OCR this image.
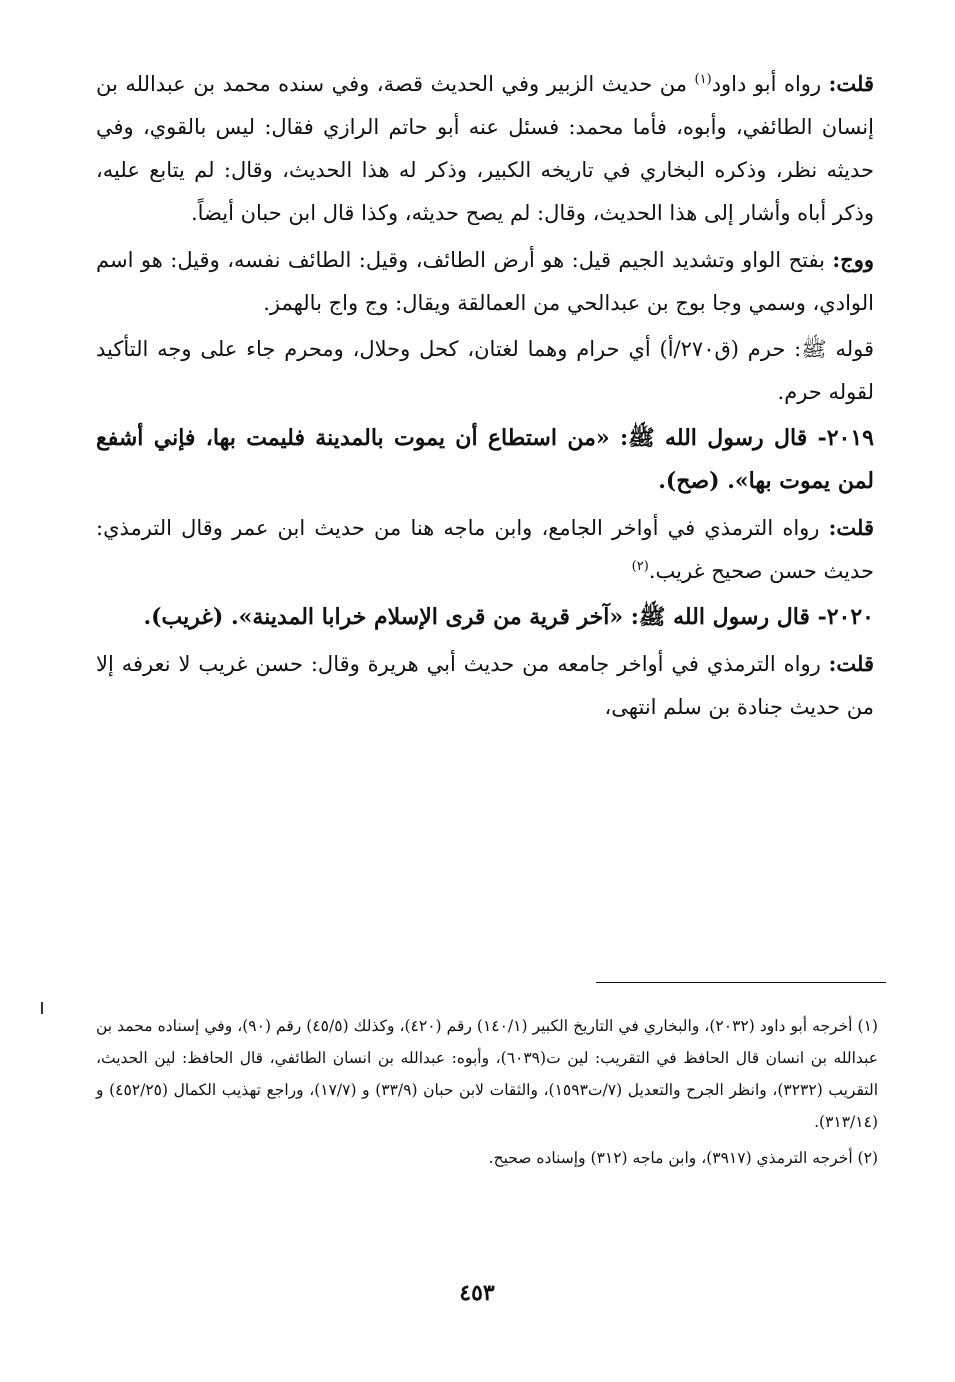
قلت: رواه أبو داود$^{(١)}$ من حديث الزبير وفي الحديث قصة، وفي سنده محمد بن عبدالله بن إنسان الطائفي، وأبوه، فأما محمد: فسئل عنه أبو حاتم الرازي فقال: ليس بالقوي، وفي حديثه نظر، وذكره البخاري في تاريخه الكبير، وذكر له هذا الحديث، وقال: لم يتابع عليه، وذكر أباه وأشار إلى هذا الحديث، وقال: لم يصح حديثه، وكذا قال ابن حبان أيضاً.
ووج: بفتح الواو وتشديد الجيم قيل: هو أرض الطائف، وقيل: الطائف نفسه، وقيل: هو اسم الوادي، وسمي وجا بوج بن عبدالحي من العمالقة ويقال: وج واج بالهمز.
قوله ﷺ: حرم (ق٢٧٠/أ) أي حرام وهما لغتان، كحل وحلال، ومحرم جاء على وجه التأكيد لقوله حرم.
٢٠١٩- قال رسول الله ﷺ: «من استطاع أن يموت بالمدينة فليمت بها، فإني أشفع لمن يموت بها». (صح).
قلت: رواه الترمذي في أواخر الجامع، وابن ماجه هنا من حديث ابن عمر وقال الترمذي: حديث حسن صحيح غريب.$^{(٢)}$
٢٠٢٠- قال رسول الله ﷺ: «آخر قرية من قرى الإسلام خرابا المدينة». (غريب).
قلت: رواه الترمذي في أواخر جامعه من حديث أبي هريرة وقال: حسن غريب لا نعرفه إلا من حديث جنادة بن سلم انتهى،
(١) أخرجه أبو داود (٢٠٣٢)، والبخاري في التاريخ الكبير (١٤٠/١) رقم (٤٢٠)، وكذلك (٤٥/٥) رقم (٩٠)، وفي إسناده محمد بن عبدالله بن انسان قال الحافظ في التقريب: لين ت(٦٠٣٩)، وأبوه: عبدالله بن انسان الطائفي، قال الحافظ: لين الحديث، التقريب (٣٢٣٢)، وانظر الجرح والتعديل (٧/ت١٥٩٣)، والثقات لابن حبان (٣٣/٩) و (١٧/٧)، وراجع تهذيب الكمال (٤٥٢/٢٥) و (٣١٣/١٤).
(٢) أخرجه الترمذي (٣٩١٧)، وابن ماجه (٣١٢) وإسناده صحيح.
٤٥٣
